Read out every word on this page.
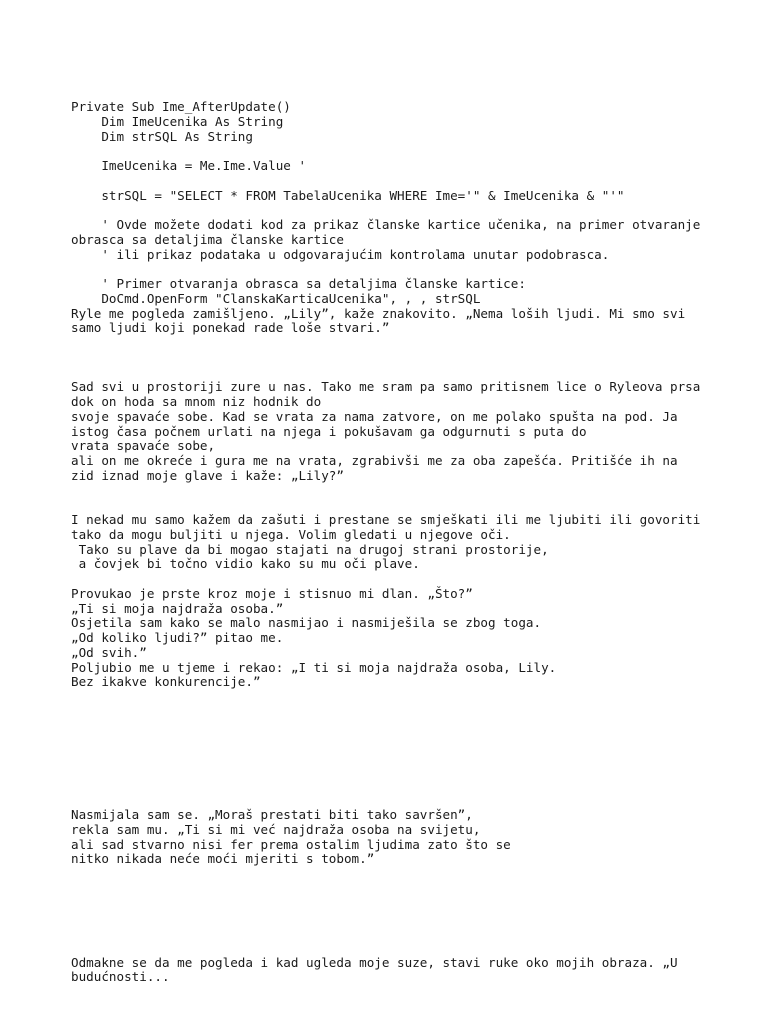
Private Sub Ime_AfterUpdate()
Dim ImeUcenika As String
Dim strSQL As String
ImeUcenika = Me.Ime.Value '
strSQL = "SELECT * FROM TabelaUcenika WHERE Ime='" & ImeUcenika & "'"
' Ovde možete dodati kod za prikaz članske kartice učenika, na primer otvaranje
obrasca sa detaljima članske kartice
' ili prikaz podataka u odgovarajućim kontrolama unutar podobrasca.
' Primer otvaranja obrasca sa detaljima članske kartice:
DoCmd.OpenForm "ClanskaKarticaUcenika", , , strSQL
Ryle me pogleda zamišljeno. „Lily”, kaže znakovito. „Nema loših ljudi. Mi smo svi
samo ljudi koji ponekad rade loše stvari.”
Sad svi u prostoriji zure u nas. Tako me sram pa samo pritisnem lice o Ryleova prsa
dok on hoda sa mnom niz hodnik do
svoje spavaće sobe. Kad se vrata za nama zatvore, on me polako spušta na pod. Ja
istog časa počnem urlati na njega i pokušavam ga odgurnuti s puta do
vrata spavaće sobe,
ali on me okreće i gura me na vrata, zgrabivši me za oba zapešća. Pritišće ih na
zid iznad moje glave i kaže: „Lily?”
I nekad mu samo kažem da zašuti i prestane se smješkati ili me ljubiti ili govoriti
tako da mogu buljiti u njega. Volim gledati u njegove oči.
Tako su plave da bi mogao stajati na drugoj strani prostorije,
a čovjek bi točno vidio kako su mu oči plave.
Provukao je prste kroz moje i stisnuo mi dlan. „Što?”
„Ti si moja najdraža osoba.”
Osjetila sam kako se malo nasmijao i nasmiješila se zbog toga.
„Od koliko ljudi?” pitao me.
„Od svih.”
Poljubio me u tjeme i rekao: „I ti si moja najdraža osoba, Lily.
Bez ikakve konkurencije.”
Nasmijala sam se. „Moraš prestati biti tako savršen”,
rekla sam mu. „Ti si mi već najdraža osoba na svijetu,
ali sad stvarno nisi fer prema ostalim ljudima zato što se
nitko nikada neće moći mjeriti s tobom.”
Odmakne se da me pogleda i kad ugleda moje suze, stavi ruke oko mojih obraza. „U
budućnosti...
